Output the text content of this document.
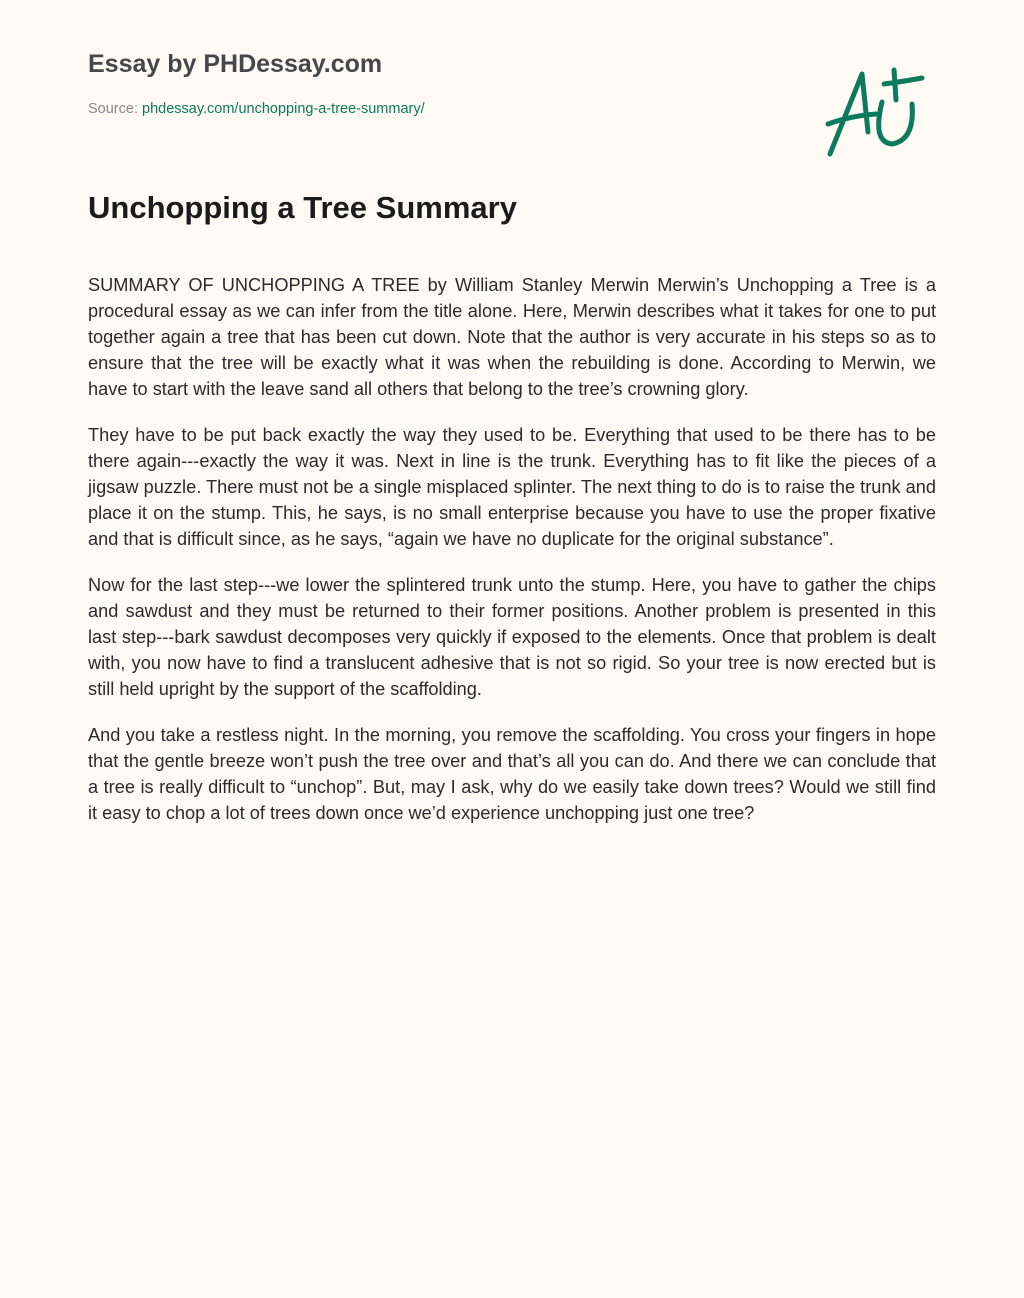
Essay by PHDessay.com

Source: phdessay.com/unchopping-a-tree-summary/
Unchopping a Tree Summary

SUMMARY OF UNCHOPPING A TREE by William Stanley Merwin Merwin’s Unchopping a Tree is a procedural essay as we can infer from the title alone. Here, Merwin describes what it takes for one to put together again a tree that has been cut down. Note that the author is very accurate in his steps so as to ensure that the tree will be exactly what it was when the rebuilding is done. According to Merwin, we have to start with the leave sand all others that belong to the tree’s crowning glory.

They have to be put back exactly the way they used to be. Everything that used to be there has to be there again---exactly the way it was. Next in line is the trunk. Everything has to fit like the pieces of a jigsaw puzzle. There must not be a single misplaced splinter. The next thing to do is to raise the trunk and place it on the stump. This, he says, is no small enterprise because you have to use the proper fixative and that is difficult since, as he says, “again we have no duplicate for the original substance”.

Now for the last step---we lower the splintered trunk unto the stump. Here, you have to gather the chips and sawdust and they must be returned to their former positions. Another problem is presented in this last step---bark sawdust decomposes very quickly if exposed to the elements. Once that problem is dealt with, you now have to find a translucent adhesive that is not so rigid. So your tree is now erected but is still held upright by the support of the scaffolding.

And you take a restless night. In the morning, you remove the scaffolding. You cross your fingers in hope that the gentle breeze won’t push the tree over and that’s all you can do. And there we can conclude that a tree is really difficult to “unchop”. But, may I ask, why do we easily take down trees? Would we still find it easy to chop a lot of trees down once we’d experience unchopping just one tree?
